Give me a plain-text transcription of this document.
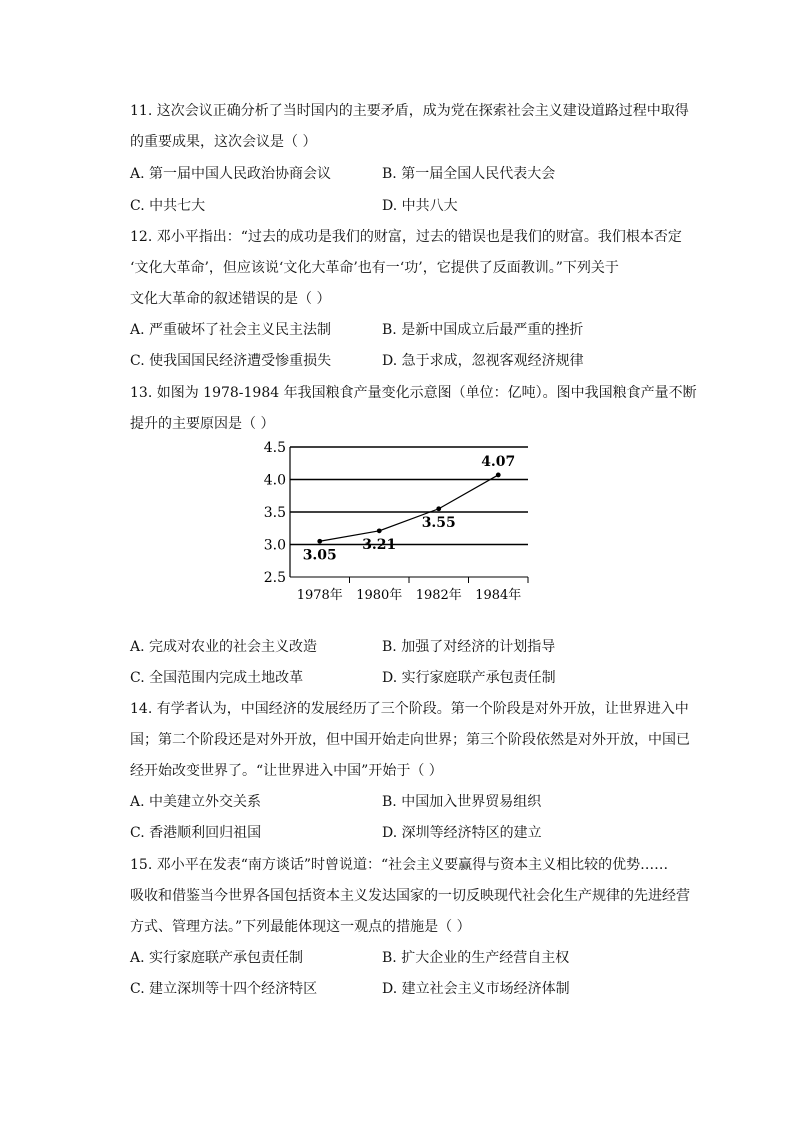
11. 这次会议正确分析了当时国内的主要矛盾，成为党在探索社会主义建设道路过程中取得
的重要成果，这次会议是（ ）
A. 第一届中国人民政治协商会议	B. 第一届全国人民代表大会
C. 中共七大	D. 中共八大
12. 邓小平指出：“过去的成功是我们的财富，过去的错误也是我们的财富。我们根本否定
‘文化大革命’，但应该说‘文化大革命’也有一‘功’，它提供了反面教训。”下列关于
文化大革命的叙述错误的是（ ）
A. 严重破坏了社会主义民主法制	B. 是新中国成立后最严重的挫折
C. 使我国国民经济遭受惨重损失	D. 急于求成，忽视客观经济规律
13. 如图为 1978-1984 年我国粮食产量变化示意图（单位：亿吨）。图中我国粮食产量不断
提升的主要原因是（ ）
2.5
3.0
3.5
4.0
4.5
1978年 1980年 1982年 1984年
3.05
3.21
3.55
4.07
A. 完成对农业的社会主义改造	B. 加强了对经济的计划指导
C. 全国范围内完成土地改革	D. 实行家庭联产承包责任制
14. 有学者认为，中国经济的发展经历了三个阶段。第一个阶段是对外开放，让世界进入中
国；第二个阶段还是对外开放，但中国开始走向世界；第三个阶段依然是对外开放，中国已
经开始改变世界了。“让世界进入中国”开始于（ ）
A. 中美建立外交关系	B. 中国加入世界贸易组织
C. 香港顺利回归祖国	D. 深圳等经济特区的建立
15. 邓小平在发表“南方谈话”时曾说道：“社会主义要赢得与资本主义相比较的优势……
吸收和借鉴当今世界各国包括资本主义发达国家的一切反映现代社会化生产规律的先进经营
方式、管理方法。”下列最能体现这一观点的措施是（ ）
A. 实行家庭联产承包责任制	B. 扩大企业的生产经营自主权
C. 建立深圳等十四个经济特区	D. 建立社会主义市场经济体制
